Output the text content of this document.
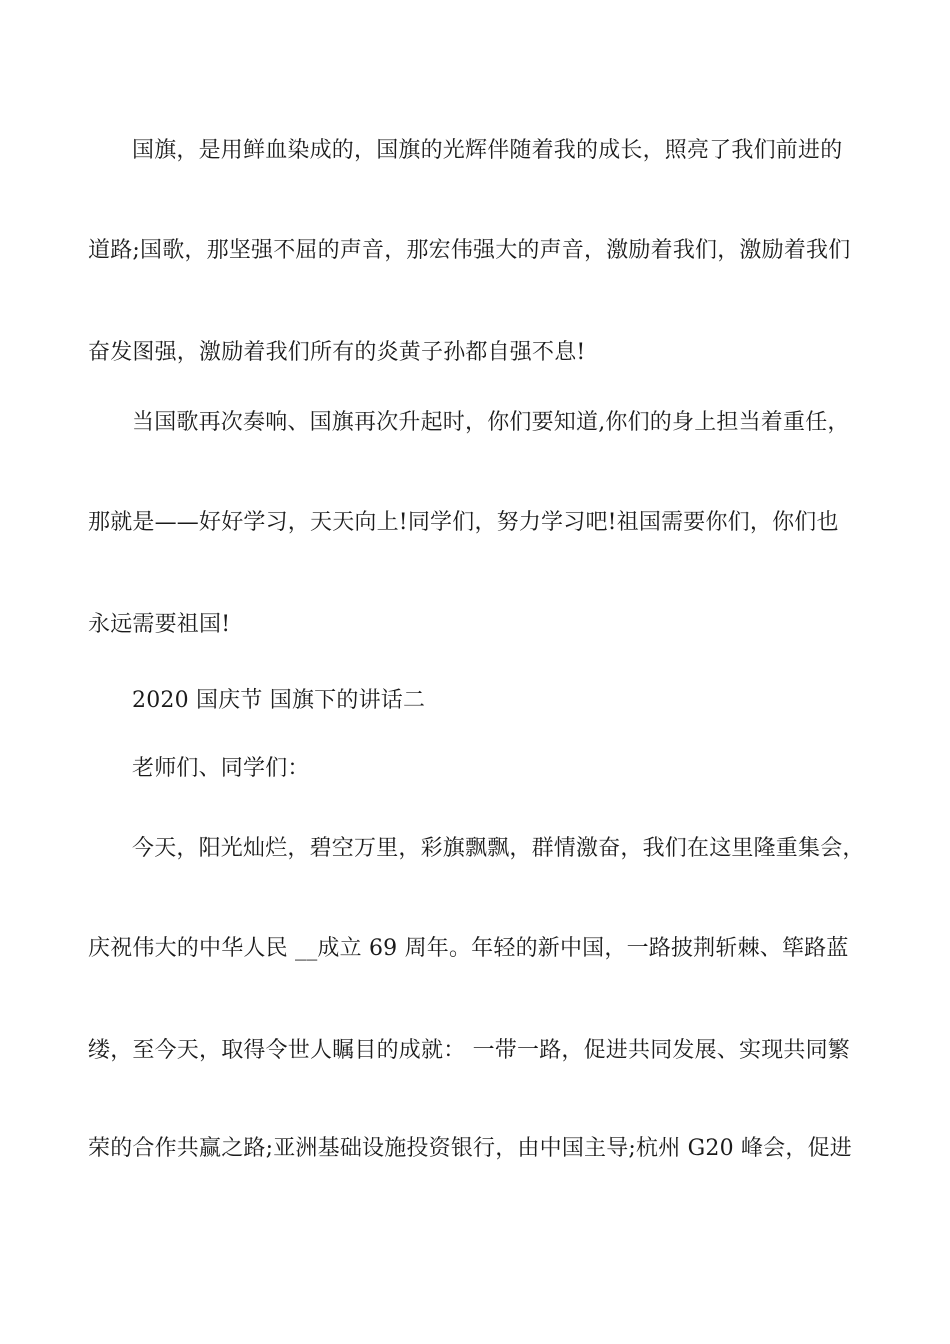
国旗，是用鲜血染成的，国旗的光辉伴随着我的成长，照亮了我们前进的
道路;国歌，那坚强不屈的声音，那宏伟强大的声音，激励着我们，激励着我们
奋发图强，激励着我们所有的炎黄子孙都自强不息!
当国歌再次奏响、国旗再次升起时，你们要知道,你们的身上担当着重任，
那就是——好好学习，天天向上!同学们，努力学习吧!祖国需要你们，你们也
永远需要祖国!
2020 国庆节 国旗下的讲话二
老师们、同学们：
今天，阳光灿烂，碧空万里，彩旗飘飘，群情激奋，我们在这里隆重集会，
庆祝伟大的中华人民 __成立 69 周年。年轻的新中国，一路披荆斩棘、筚路蓝
缕，至今天，取得令世人瞩目的成就： 一带一路，促进共同发展、实现共同繁
荣的合作共赢之路;亚洲基础设施投资银行，由中国主导;杭州 G20 峰会，促进
